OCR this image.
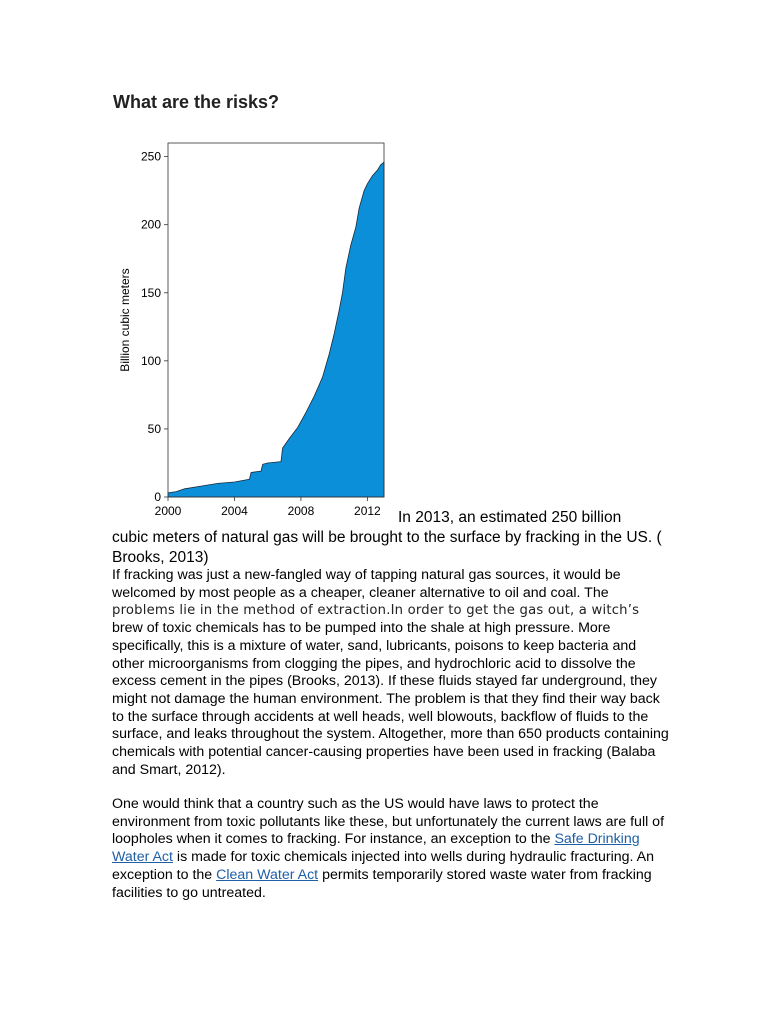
What are the risks?
0
50
100
150
200
250
2000	2004	2008	2012
Billion cubic meters

In 2013, an estimated 250 billion

cubic meters of natural gas will be brought to the surface by fracking in the US. ( Brooks, 2013)

If fracking was just a new-fangled way of tapping natural gas sources, it would be welcomed by most people as a cheaper, cleaner alternative to oil and coal. The problems lie in the method of extraction.In order to get the gas out, a witch’s brew of toxic chemicals has to be pumped into the shale at high pressure. More specifically, this is a mixture of water, sand, lubricants, poisons to keep bacteria and other microorganisms from clogging the pipes, and hydrochloric acid to dissolve the excess cement in the pipes (Brooks, 2013). If these fluids stayed far underground, they might not damage the human environment. The problem is that they find their way back to the surface through accidents at well heads, well blowouts, backflow of fluids to the surface, and leaks throughout the system. Altogether, more than 650 products containing chemicals with potential cancer-causing properties have been used in fracking (Balaba and Smart, 2012).

One would think that a country such as the US would have laws to protect the environment from toxic pollutants like these, but unfortunately the current laws are full of loopholes when it comes to fracking. For instance, an exception to the Safe Drinking Water Act is made for toxic chemicals injected into wells during hydraulic fracturing. An exception to the Clean Water Act permits temporarily stored waste water from fracking facilities to go untreated.
